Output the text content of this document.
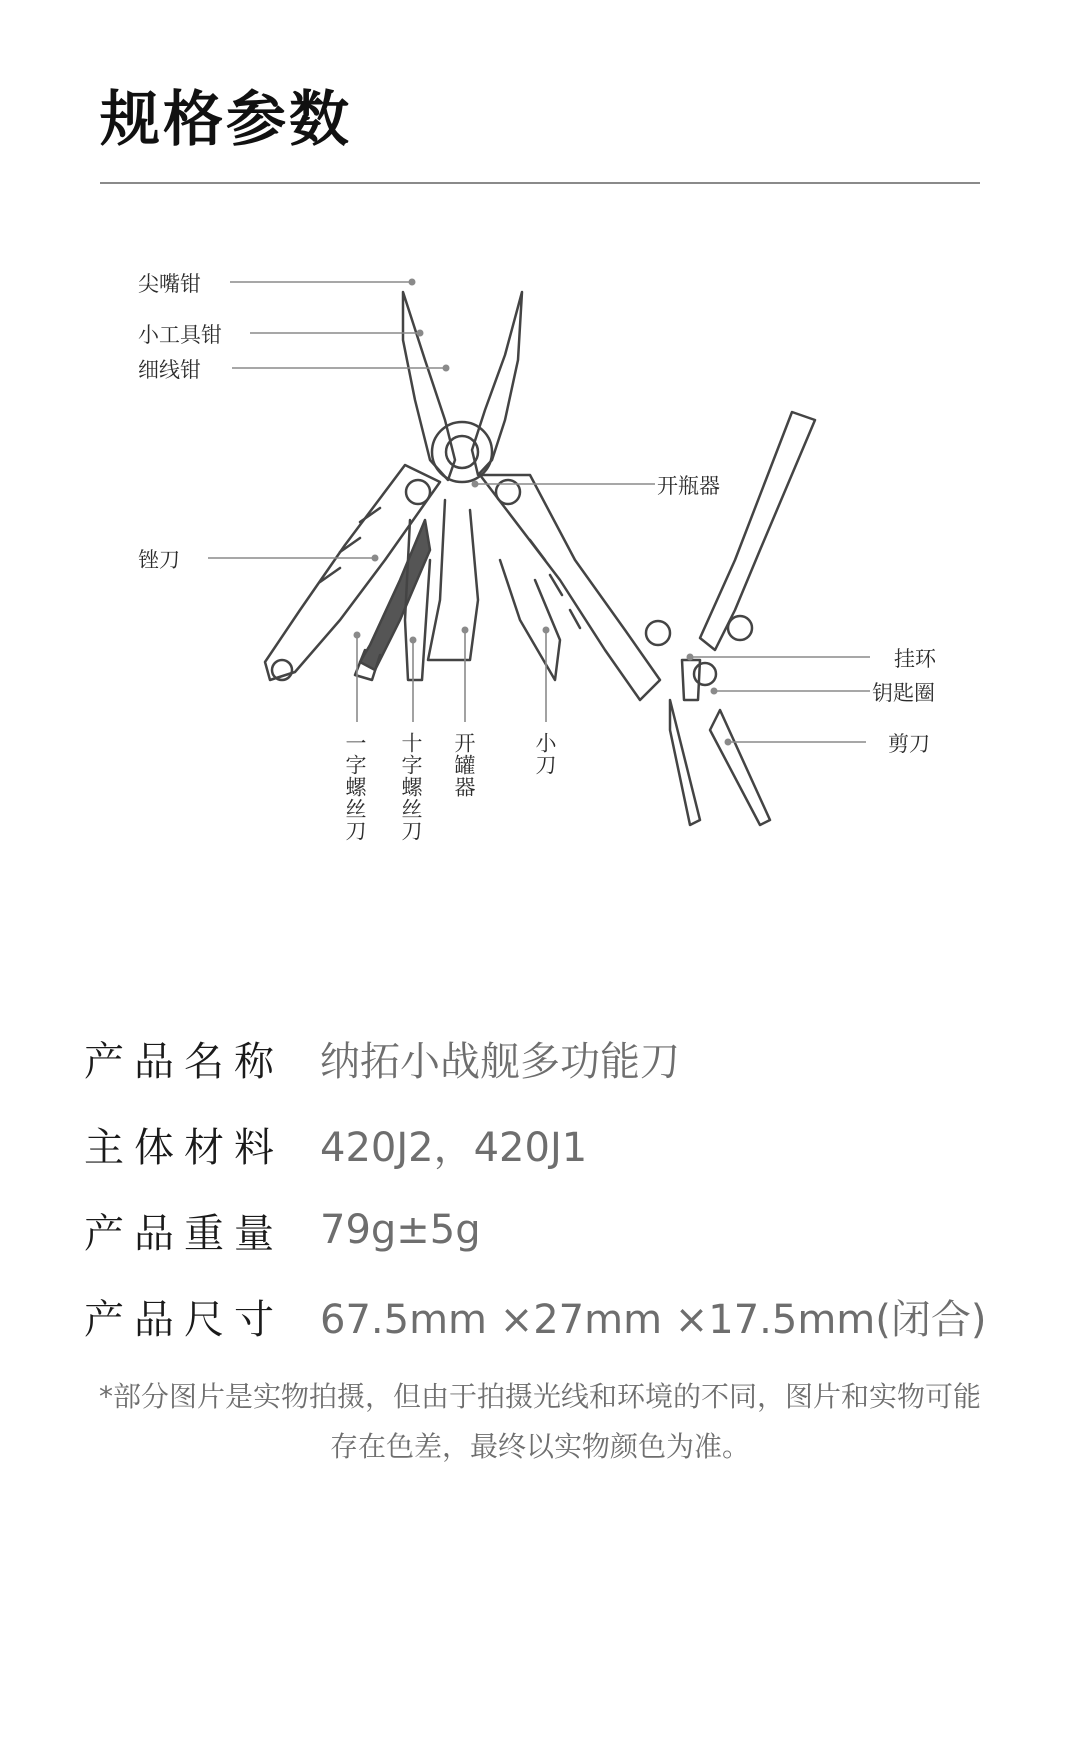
规格参数
尖嘴钳
小工具钳
细线钳
开瓶器
锉刀
挂环
钥匙圈
剪刀
一字螺丝刀 十字螺丝刀 开罐器	小刀
产品名称 纳拓小战舰多功能刀
主体材料 420J2，420J1
产品重量 79g±5g
产品尺寸 67.5mm ×27mm ×17.5mm(闭合)
*部分图片是实物拍摄，但由于拍摄光线和环境的不同，图片和实物可能存在色差，最终以实物颜色为准。
